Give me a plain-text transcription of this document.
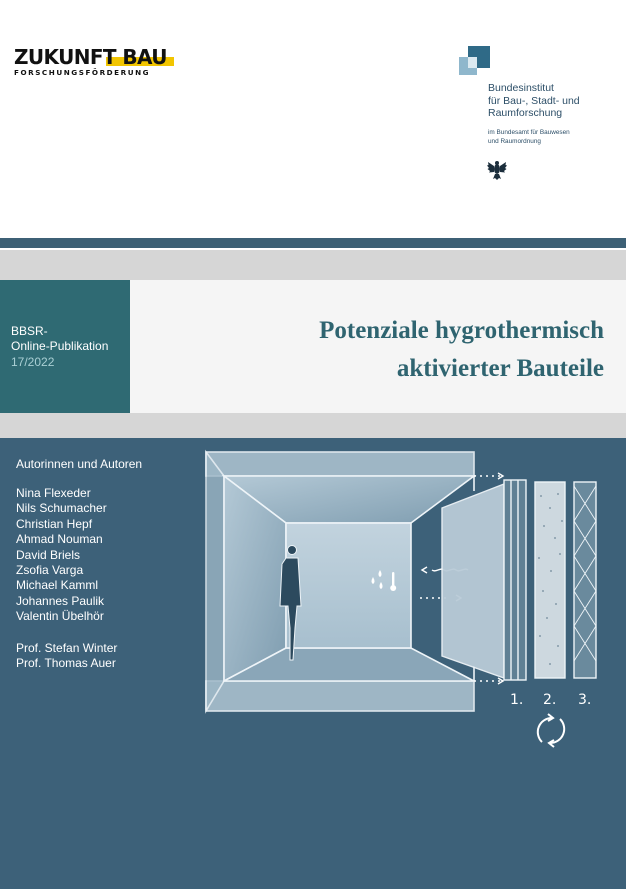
ZUKUNFT BAU
FORSCHUNGSFÖRDERUNG
Bundesinstitut
für Bau-, Stadt- und
Raumforschung
im Bundesamt für Bauwesen
und Raumordnung
BBSR-
Online-Publikation
17/2022
Potenziale hygrothermisch
aktivierter Bauteile
Autorinnen und Autoren
Nina Flexeder
Nils Schumacher
Christian Hepf
Ahmad Nouman
David Briels
Zsofia Varga
Michael Kamml
Johannes Paulik
Valentin Übelhör
Prof. Stefan Winter
Prof. Thomas Auer
1. 2. 3.
